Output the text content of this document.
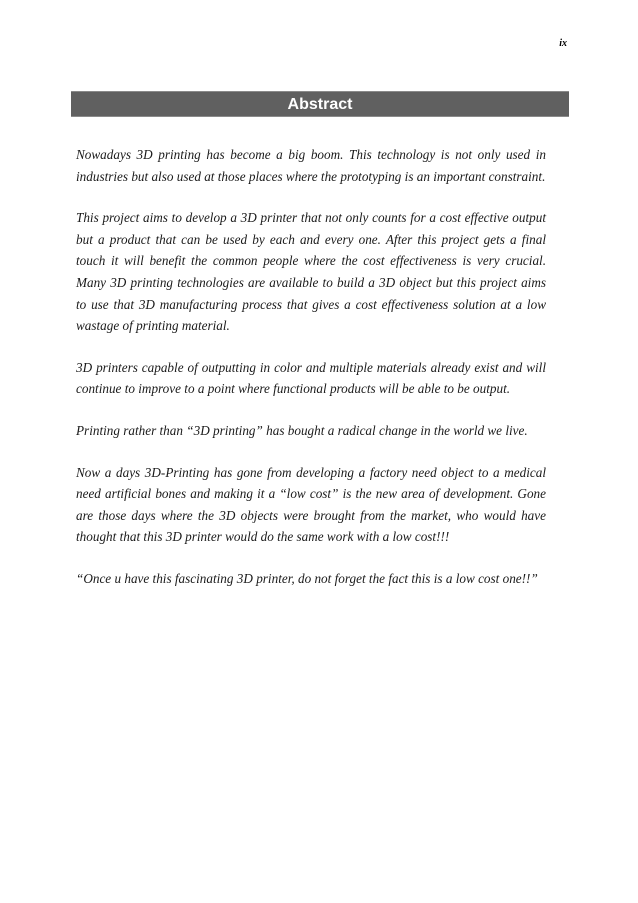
ix
Abstract

Nowadays 3D printing has become a big boom. This technology is not only used in industries but also used at those places where the prototyping is an important constraint.

This project aims to develop a 3D printer that not only counts for a cost effective output but a product that can be used by each and every one. After this project gets a final touch it will benefit the common people where the cost effectiveness is very crucial. Many 3D printing technologies are available to build a 3D object but this project aims to use that 3D manufacturing process that gives a cost effectiveness solution at a low wastage of printing material.

3D printers capable of outputting in color and multiple materials already exist and will continue to improve to a point where functional products will be able to be output.

Printing rather than “3D printing” has bought a radical change in the world we live.

Now a days 3D-Printing has gone from developing a factory need object to a medical need artificial bones and making it a “low cost” is the new area of development. Gone are those days where the 3D objects were brought from the market, who would have thought that this 3D printer would do the same work with a low cost!!!

“Once u have this fascinating 3D printer, do not forget the fact this is a low cost one!!”
